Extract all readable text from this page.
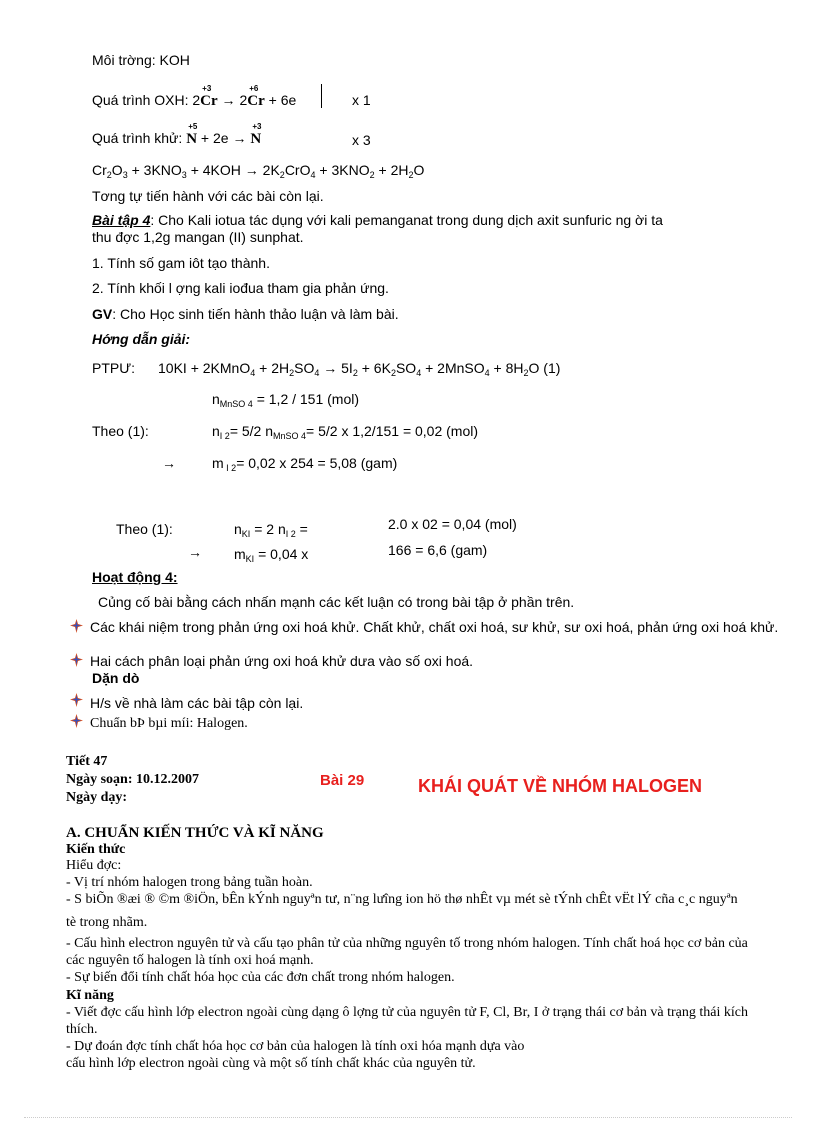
Môi trờng: KOH
Quá trình OXH: 2
+3
Cr → 2
+6
Cr + 6e	x 1
Quá trình khử:
+5
N + 2e →
+3
N	x 3
$Cr_2O_3 + 3KNO_3 + 4KOH \to 2K_2CrO_4 + 3KNO_2 + 2H_2O$
Tơng tự tiến hành với các bài còn lại.
Bài tập 4: Cho Kali iotua tác dụng với kali pemanganat trong dung dịch axit sunfuric ng ời ta
thu đợc 1,2g mangan (II) sunphat.
1. Tính số gam iôt tạo thành.
2. Tính khối l ợng kali iođua tham gia phản ứng.
GV: Cho Học sinh tiến hành thảo luận và làm bài.
Hớng dẫn giải:
PTPƯ: 10KI + 2KMnO$_4$ + $2H_2SO_4 \to 5I_2 + 6K_2SO_4$ + 2MnSO$_4$ + $8H_2O$ (1)
$n_{MnSO 4} = 1,2 / 151$ (mol)
Theo (1):	$n_{I 2}= 5/2$ $n_{MnSO 4}= 5/2$ x 1,2/151 = 0,02 (mol)
→	m $_{I 2}$= 0,02 x 254 = 5,08 (gam)
Theo (1):	$n_{KI} = 2$ $n_{I 2}$ =	2.0 x 02 = 0,04 (mol)
→ $m_{KI} = 0,04$ x	166 = 6,6 (gam)
Hoạt động 4:
Củng cố bài bằng cách nhấn mạnh các kết luận có trong bài tập ở phần trên.
Các khái niệm trong phản ứng oxi hoá khử. Chất khử, chất oxi hoá, sư khử, sư oxi hoá, phản ứng oxi hoá khử.
Hai cách phân loại phản ứng oxi hoá khử dưa vào số oxi hoá.
Dặn dò
H/s về nhà làm các bài tập còn lại.
Chuẩn bÞ bµi míi: Halogen.
Tiết 47
Ngày soạn: 10.12.2007
Ngày dạy:
Bài 29	KHÁI QUÁT VỀ NHÓM HALOGEN
A. CHUẨN KIẾN THỨC VÀ KĨ NĂNG
Kiến thức
Hiểu đợc:
- Vị trí nhóm halogen trong bảng tuần hoàn.
- S biÕn ®æi ® ©m ®iÖn, bÊn kÝnh nguyªn tư, n¨ng lưîng ion hö thø nhÊt vµ mét sè tÝnh chÊt vËt lÝ cña c¸c nguyªn
tè trong nhãm.
- Cấu hình electron nguyên tử và cấu tạo phân tử của những nguyên tố trong nhóm halogen. Tính chất hoá học cơ bản của các nguyên tố halogen là tính oxi hoá mạnh.
- Sự biến đổi tính chất hóa học của các đơn chất trong nhóm halogen.
Kĩ năng
- Viết đợc cấu hình lớp electron ngoài cùng dạng ô lợng tử của nguyên tử F, Cl, Br, I ở trạng thái cơ bản và trạng thái kích thích.
- Dự đoán đợc tính chất hóa học cơ bản của halogen là tính oxi hóa mạnh dựa vào
cấu hình lớp electron ngoài cùng và một số tính chất khác của nguyên tử.
